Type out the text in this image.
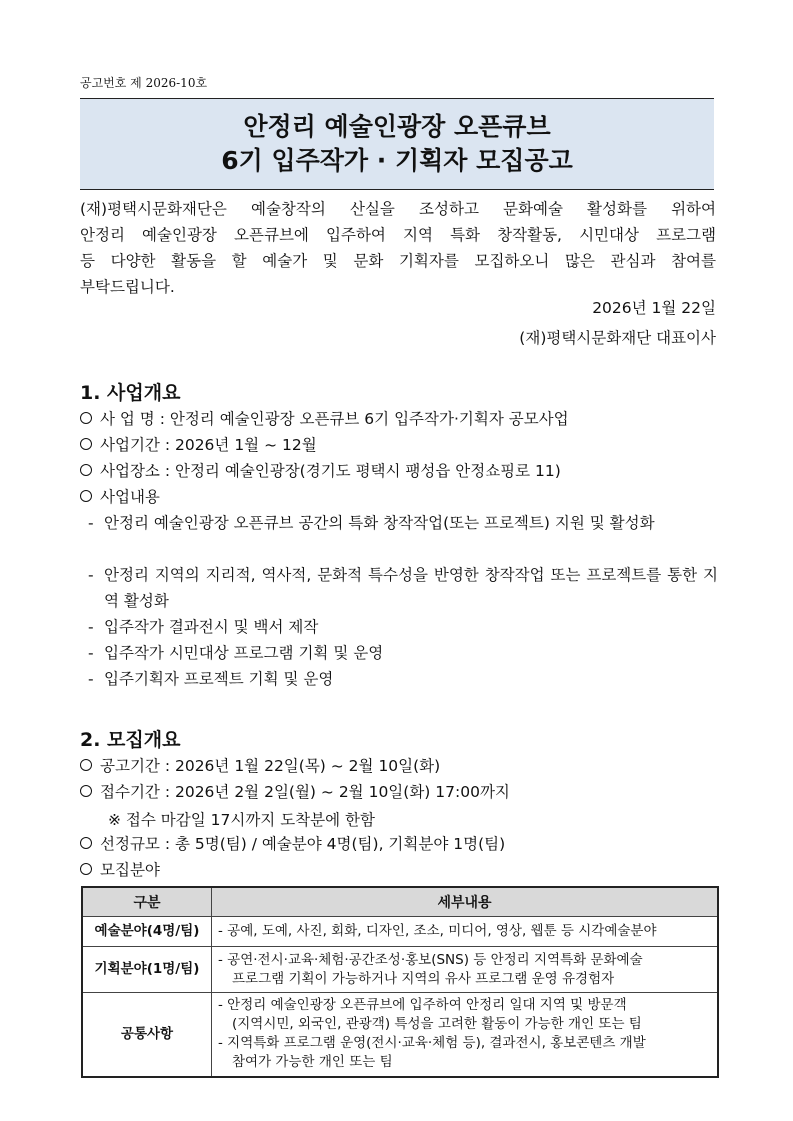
공고번호 제 2026-10호
안정리 예술인광장 오픈큐브
6기 입주작가 · 기획자 모집공고
(재)평택시문화재단은 예술창작의 산실을 조성하고 문화예술 활성화를 위하여
안정리 예술인광장 오픈큐브에 입주하여 지역 특화 창작활동, 시민대상 프로그램
등 다양한 활동을 할 예술가 및 문화 기획자를 모집하오니 많은 관심과 참여를
부탁드립니다.
2026년 1월 22일
(재)평택시문화재단 대표이사
1. 사업개요
사 업 명 : 안정리 예술인광장 오픈큐브 6기 입주작가·기획자 공모사업
사업기간 : 2026년 1월 ~ 12월
사업장소 : 안정리 예술인광장(경기도 평택시 팽성읍 안정쇼핑로 11)
사업내용
- 안정리 예술인광장 오픈큐브 공간의 특화 창작작업(또는 프로젝트) 지원 및 활성화
- 안정리 지역의 지리적, 역사적, 문화적 특수성을 반영한 창작작업 또는 프로젝트를 통한 지역 활성화
- 입주작가 결과전시 및 백서 제작
- 입주작가 시민대상 프로그램 기획 및 운영
- 입주기획자 프로젝트 기획 및 운영
2. 모집개요
공고기간 : 2026년 1월 22일(목) ~ 2월 10일(화)
접수기간 : 2026년 2월 2일(월) ~ 2월 10일(화) 17:00까지
※ 접수 마감일 17시까지 도착분에 한함
선정규모 : 총 5명(팀) / 예술분야 4명(팀), 기획분야 1명(팀)
모집분야
구분	세부내용
예술분야(4명/팀)	- 공예, 도예, 사진, 회화, 디자인, 조소, 미디어, 영상, 웹툰 등 시각예술분야

기획분야(1명/팀)	- 공연·전시·교육·체험·공간조성·홍보(SNS) 등 안정리 지역특화 문화예술
프로그램 기획이 가능하거나 지역의 유사 프로그램 운영 유경험자

공통사항	- 안정리 예술인광장 오픈큐브에 입주하여 안정리 일대 지역 및 방문객
(지역시민, 외국인, 관광객) 특성을 고려한 활동이 가능한 개인 또는 팀
- 지역특화 프로그램 운영(전시·교육·체험 등), 결과전시, 홍보콘텐츠 개발
참여가 가능한 개인 또는 팀
